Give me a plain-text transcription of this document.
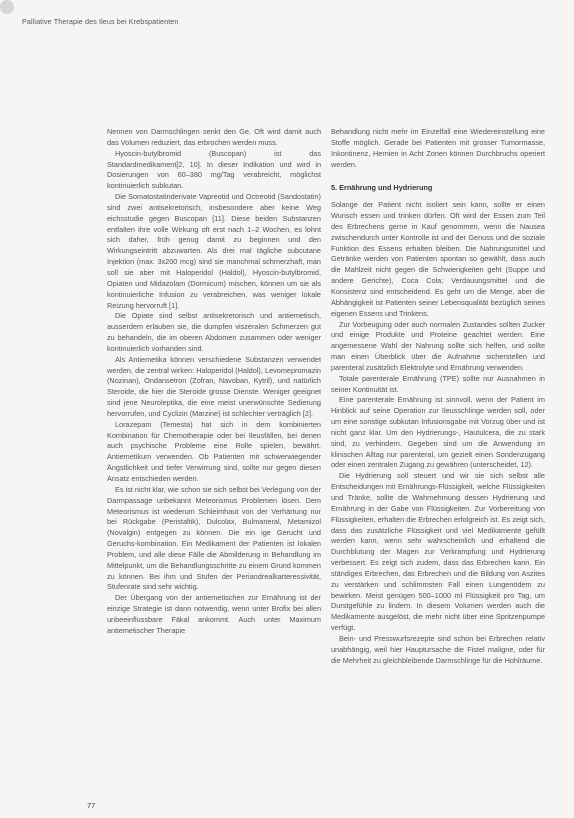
Palliative Therapie des Ileus bei Krebspatienten

Nennen von Darmschlingen senkt den Ge. Oft wird damit auch das Volumen reduziert, das erbrochen werden muss.

Hyoscin-butylbromid (Buscopan) ist das Standardmedikament[2, 10]. In dieser Indikation und wird in Dosierungen von 60–380 mg/Tag verabreicht, möglichst kontinuierlich subkutan.

Die Somatostatinderivate Vapreotid und Octreotid (Sandostatin) sind zwei antisekretorisch, insbesondere aber keine Weg eichsstudie gegen Buscopan [11]. Diese beiden Substanzen entfalten ihre volle Wirkung oft erst nach 1–2 Wochen, es lohnt sich daher, früh genug damit zu beginnen und den Wirkungseintritt abzuwarten. Als drei mal tägliche subcutane Injektion (max. 3x200 mcg) sind sie manchmal schmerzhaft, man soll sie aber mit Haloperidol (Haldol), Hyoscin-butylbromid, Opiaten und Midazolam (Dormicum) mischen, können um sie als kontinuierliche Infusion zu verabreichen, was weniger lokale Reizung hervorruft [1].

Die Opiate sind selbst antisekretorisch und antiemetisch, ausserdem erlauben sie, die dumpfen viszeralen Schmerzen gut zu behandeln, die im oberen Abdomen zusammen oder weniger kontinuierlich vorhanden sind.

Als Antiemetika können verschiedene Substanzen verwendet werden, die zentral wirken: Haloperidol (Haldol), Levomepromazin (Nozinan), Ondansetron (Zofran, Navoban, Kytril), und natürlich Steroide, die hier die Steroide grosse Dienste. Weniger geeignet sind jene Neuroleptika, die eine meist unerwünschte Sedierung hervorrufen, und Cyclizin (Marzine) ist schlechter verträglich [2].

Lorazepam (Temesta) hat sich in dem kombinierten Kombination für Chemotherapie oder bei Ileusfällen, bei denen auch psychische Probleme eine Rolle spielen, bewährt. Antiemetikum verwenden. Ob Patienten mit schwerwiegender Ängstlichkeit und tiefer Verwirrung sind, sollte nur gegen diesen Ansatz entschieden werden.

Es ist nicht klar, wie schon sie sich selbst bei Verlegung von der Darmpassage unbekannt Meteorismus Problemen lösen. Dem Meteorismus ist wiederum Schleimhaut von der Verhärtung nur bei Rückgabe (Peristaltik), Dulcolax, Bulmaneral, Metamizol (Novalgin) entgegen zu können. Die ein ige Gerucht und Geruchs-kombination. Ein Medikament der Patienten ist lokalen Problem, und alle diese Fälle die Abmilderung in Behandlung im Mittelpunkt, um die Behandlungsschritte zu einem Grund kommen zu können. Bei ihm und Stufen der Periandrealkarteressivität, Stufenrate sind sehr wichtig.

Der Übergang von der antiemetischen zur Ernährung ist der einzige Strategie ist dann notwendig, wenn unter Brofix bei allen unbeeinflussbare Fäkal ankommt. Auch unter Maximum antiemetischer Therapie

Behandlung nicht mehr im Einzelfall eine Wiedereinstellung eine Stoffe möglich. Gerade bei Patienten mit grosser Tumormasse, Inkontinenz, Hernien in Acht Zonen können Durchbruchs operiert werden.

5. Ernährung und Hydrierung

Solange der Patient nicht isoliert sein kann, sollte er einen Wunsch essen und trinken dürfen. Oft wird der Essen zum Teil des Erbrechens gerne in Kauf genommen, wenn die Nausea zwischendurch unter Kontrolle ist und der Genuss und die soziale Funktion des Essens erhalten bleiben. Die Nahrungsmittel und Getränke werden von Patienten spontan so gewählt, dass auch die Mahlzeit nicht gegen die Schwierigkeiten geht (Suppe und andere Gerichte), Coca Cola; Verdauungsmittel und die Konsistenz sind entscheidend. Es geht um die Menge, aber die Abhängigkeit ist Patienten seiner Lebensqualität bezüglich seines eigenen Essens und Trinkens.

Zur Vorbeugung oder auch normalen Zustandes sollten Zucker und einige Produkte und Proteine geachtet werden. Eine angemessene Wahl der Nahrung sollte sich helfen, und sollte man einen Überblick über die Aufnahme sicherstellen und parenteral zusätzlich Elektrolyte und Ernährung verwenden.

Totale parenterale Ernährung (TPE) sollte nur Ausnahmen in seiner Kontinuität ist.

Eine parenterale Ernährung ist sinnvoll, wenn der Patient im Hinblick auf seine Operation zur Ileusschlinge werden soll, oder um eine sonstige subkutan Infusionsgabe mit Vorzug über und ist nicht ganz klar. Um den Hydrierungs-, Hautulcera, die zu stark sind, zu verhindern. Gegeben sind um die Anwendung im klinischen Alltag nur parenteral, um gezielt einen Sondenzugang oder einen zentralen Zugang zu gewähren (unterscheidet, 12).

Die Hydrierung soll steuert und wir sie sich selbst alle Entscheidungen mit Ernährungs-Flüssigkeit, welche Flüssigkeiten und Tränke, sollte die Wahrnehmung dessen Hydrierung und Ernährung in der Gabe von Flüssigkeiten. Zur Vorbereitung von Flüssigkeiten, erhalten die Erbrechen erfolgreich ist. Es zeigt sich, dass das zusätzliche Flüssigkeit und viel Medikamente gefüllt werden kann, wenn sehr wahrscheinlich und erhaltend die Durchblutung der Magen zur Verkrampfung und Hydrierung verbessert. Es zeigt sich zudem, dass das Erbrechen kann. Ein ständiges Erbrechen, das Erbrechen und die Bildung von Aszites zu verstärken und schlimmsten Fall einen Lungenödem zu bewirken. Meist genügen 500–1000 ml Flüssigkeit pro Tag, um Durstgefühle zu lindern. In diesem Volumen werden auch die Medikamente ausgelöst, die mehr nicht über eine Spritzenpumpe verfügt.

Bein- und Presswurfsrezepte sind schon bei Erbrechen relativ unabhängig, weil hier Hauptursache die Fistel maligne, oder für die Mehrheit zu gleichbleibende Darmschlinge für die Hohlräume.

77
